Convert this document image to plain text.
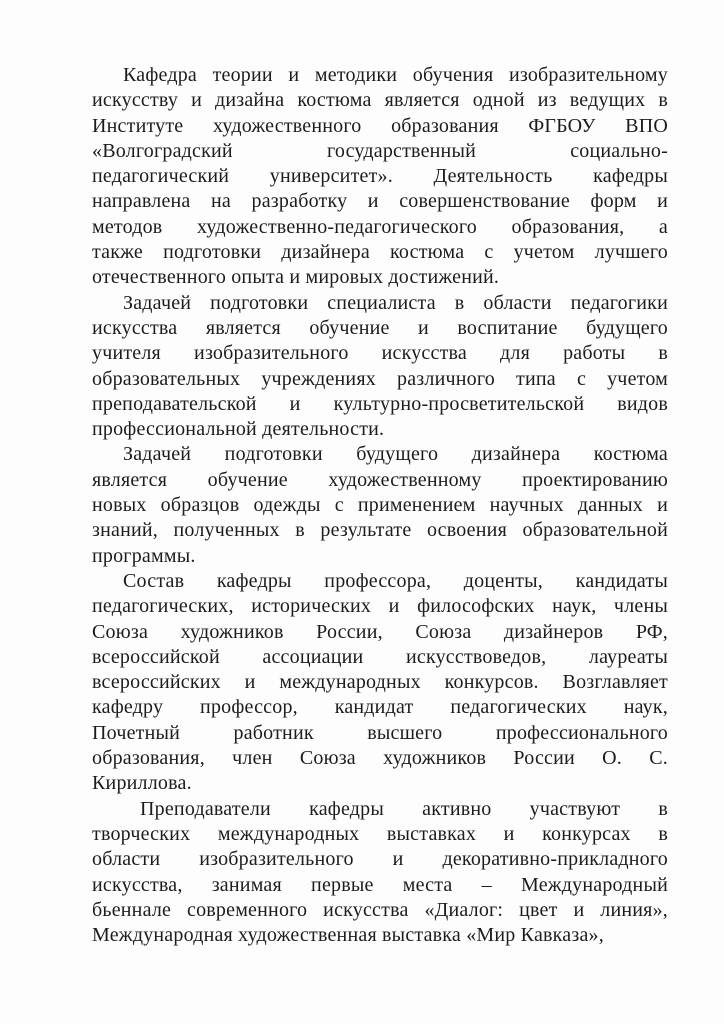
Кафедра теории и методики обучения изобразительному
искусству и дизайна костюма является одной из ведущих в
Институте художественного образования ФГБОУ ВПО
«Волгоградский государственный социально-
педагогический университет». Деятельность кафедры
направлена на разработку и совершенствование форм и
методов художественно-педагогического образования, а
также подготовки дизайнера костюма с учетом лучшего
отечественного опыта и мировых достижений.
Задачей подготовки специалиста в области педагогики
искусства является обучение и воспитание будущего
учителя изобразительного искусства для работы в
образовательных учреждениях различного типа с учетом
преподавательской и культурно-просветительской видов
профессиональной деятельности.
Задачей подготовки будущего дизайнера костюма
является обучение художественному проектированию
новых образцов одежды с применением научных данных и
знаний, полученных в результате освоения образовательной
программы.
Состав кафедры профессора, доценты, кандидаты
педагогических, исторических и философских наук, члены
Союза художников России, Союза дизайнеров РФ,
всероссийской ассоциации искусствоведов, лауреаты
всероссийских и международных конкурсов. Возглавляет
кафедру профессор, кандидат педагогических наук,
Почетный работник высшего профессионального
образования, член Союза художников России О. С.
Кириллова.
Преподаватели кафедры активно участвуют в
творческих международных выставках и конкурсах в
области изобразительного и декоративно-прикладного
искусства, занимая первые места – Международный
бьеннале современного искусства «Диалог: цвет и линия»,
Международная художественная выставка «Мир Кавказа»,
